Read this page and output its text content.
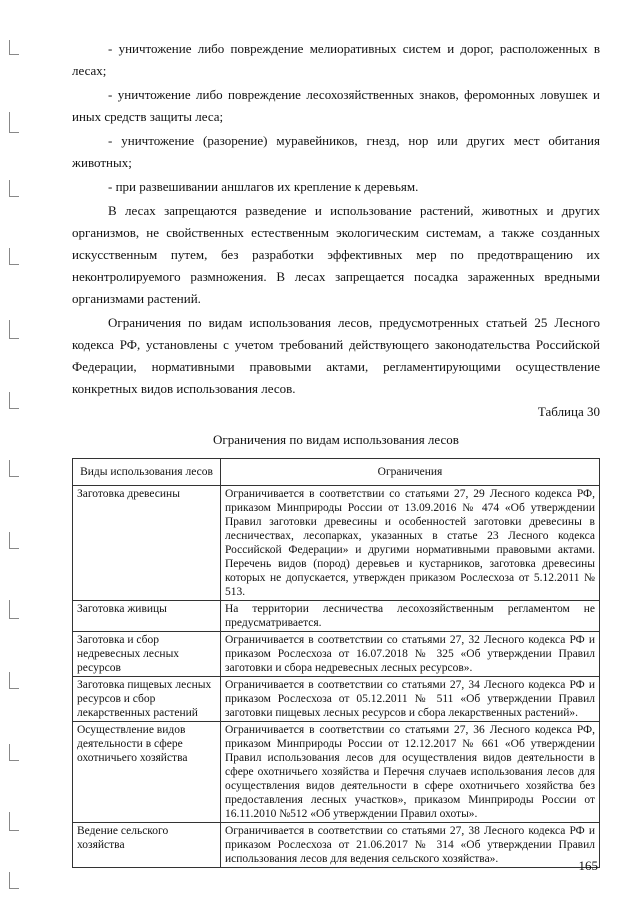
- уничтожение либо повреждение мелиоративных систем и дорог, расположенных в лесах;

- уничтожение либо повреждение лесохозяйственных знаков, феромонных ловушек и иных средств защиты леса;

- уничтожение (разорение) муравейников, гнезд, нор или других мест обитания животных;

- при развешивании аншлагов их крепление к деревьям.

В лесах запрещаются разведение и использование растений, животных и других организмов, не свойственных естественным экологическим системам, а также созданных искусственным путем, без разработки эффективных мер по предотвращению их неконтролируемого размножения. В лесах запрещается посадка зараженных вредными организмами растений.

Ограничения по видам использования лесов, предусмотренных статьей 25 Лесного кодекса РФ, установлены с учетом требований действующего законодательства Российской Федерации, нормативными правовыми актами, регламентирующими осуществление конкретных видов использования лесов.

Таблица 30
Ограничения по видам использования лесов
Виды использования лесов	Ограничения
Заготовка древесины	Ограничивается в соответствии со статьями 27, 29 Лесного кодекса РФ, приказом Минприроды России от 13.09.2016 № 474 «Об утверждении Правил заготовки древесины и особенностей заготовки древесины в лесничествах, лесопарках, указанных в статье 23 Лесного кодекса Российской Федерации» и другими нормативными правовыми актами. Перечень видов (пород) деревьев и кустарников, заготовка древесины которых не допускается, утвержден приказом Рослесхоза от 5.12.2011 № 513.
Заготовка живицы	На территории лесничества лесохозяйственным регламентом не предусматривается.
Заготовка и сбор недревесных лесных ресурсов	Ограничивается в соответствии со статьями 27, 32 Лесного кодекса РФ и приказом Рослесхоза от 16.07.2018 № 325 «Об утверждении Правил заготовки и сбора недревесных лесных ресурсов».
Заготовка пищевых лесных ресурсов и сбор лекарственных растений	Ограничивается в соответствии со статьями 27, 34 Лесного кодекса РФ и приказом Рослесхоза от 05.12.2011 № 511 «Об утверждении Правил заготовки пищевых лесных ресурсов и сбора лекарственных растений».
Осуществление видов деятельности в сфере охотничьего хозяйства	Ограничивается в соответствии со статьями 27, 36 Лесного кодекса РФ, приказом Минприроды России от 12.12.2017 № 661 «Об утверждении Правил использования лесов для осуществления видов деятельности в сфере охотничьего хозяйства и Перечня случаев использования лесов для осуществления видов деятельности в сфере охотничьего хозяйства без предоставления лесных участков», приказом Минприроды России от 16.11.2010 №512 «Об утверждении Правил охоты».
Ведение сельского хозяйства	Ограничивается в соответствии со статьями 27, 38 Лесного кодекса РФ и приказом Рослесхоза от 21.06.2017 № 314 «Об утверждении Правил использования лесов для ведения сельского хозяйства».	165
